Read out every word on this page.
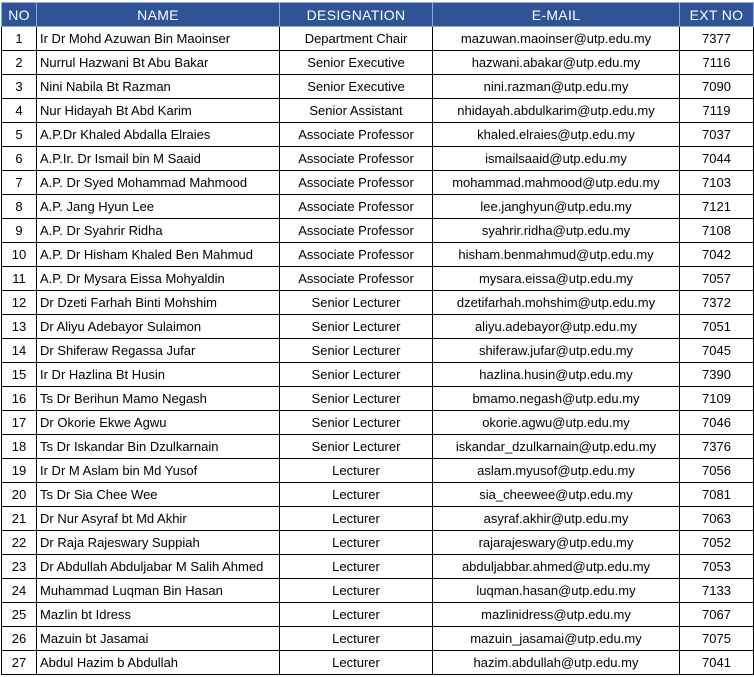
NO	NAME	DESIGNATION	E-MAIL	EXT NO
1	Ir Dr Mohd Azuwan Bin Maoinser	Department Chair	mazuwan.maoinser@utp.edu.my	7377
2	Nurrul Hazwani Bt Abu Bakar	Senior Executive	hazwani.abakar@utp.edu.my	7116
3	Nini Nabila Bt Razman	Senior Executive	nini.razman@utp.edu.my	7090
4	Nur Hidayah Bt Abd Karim	Senior Assistant	nhidayah.abdulkarim@utp.edu.my	7119
5	A.P.Dr Khaled Abdalla Elraies	Associate Professor	khaled.elraies@utp.edu.my	7037
6	A.P.Ir. Dr Ismail bin M Saaid	Associate Professor	ismailsaaid@utp.edu.my	7044
7	A.P. Dr Syed Mohammad Mahmood	Associate Professor	mohammad.mahmood@utp.edu.my	7103
8	A.P. Jang Hyun Lee	Associate Professor	lee.janghyun@utp.edu.my	7121
9	A.P. Dr Syahrir Ridha	Associate Professor	syahrir.ridha@utp.edu.my	7108
10	A.P. Dr Hisham Khaled Ben Mahmud	Associate Professor	hisham.benmahmud@utp.edu.my	7042
11	A.P. Dr Mysara Eissa Mohyaldin	Associate Professor	mysara.eissa@utp.edu.my	7057
12	Dr Dzeti Farhah Binti Mohshim	Senior Lecturer	dzetifarhah.mohshim@utp.edu.my	7372
13	Dr Aliyu Adebayor Sulaimon	Senior Lecturer	aliyu.adebayor@utp.edu.my	7051
14	Dr Shiferaw Regassa Jufar	Senior Lecturer	shiferaw.jufar@utp.edu.my	7045
15	Ir Dr Hazlina Bt Husin	Senior Lecturer	hazlina.husin@utp.edu.my	7390
16	Ts Dr Berihun Mamo Negash	Senior Lecturer	bmamo.negash@utp.edu.my	7109
17	Dr Okorie Ekwe Agwu	Senior Lecturer	okorie.agwu@utp.edu.my	7046
18	Ts Dr Iskandar Bin Dzulkarnain	Senior Lecturer	iskandar_dzulkarnain@utp.edu.my	7376
19	Ir Dr M Aslam bin Md Yusof	Lecturer	aslam.myusof@utp.edu.my	7056
20	Ts Dr Sia Chee Wee	Lecturer	sia_cheewee@utp.edu.my	7081
21	Dr Nur Asyraf bt Md Akhir	Lecturer	asyraf.akhir@utp.edu.my	7063
22	Dr Raja Rajeswary Suppiah	Lecturer	rajarajeswary@utp.edu.my	7052
23	Dr Abdullah Abduljabar M Salih Ahmed	Lecturer	abduljabbar.ahmed@utp.edu.my	7053
24	Muhammad Luqman Bin Hasan	Lecturer	luqman.hasan@utp.edu.my	7133
25	Mazlin bt Idress	Lecturer	mazlinidress@utp.edu.my	7067
26	Mazuin bt Jasamai	Lecturer	mazuin_jasamai@utp.edu.my	7075
27	Abdul Hazim b Abdullah	Lecturer	hazim.abdullah@utp.edu.my	7041
